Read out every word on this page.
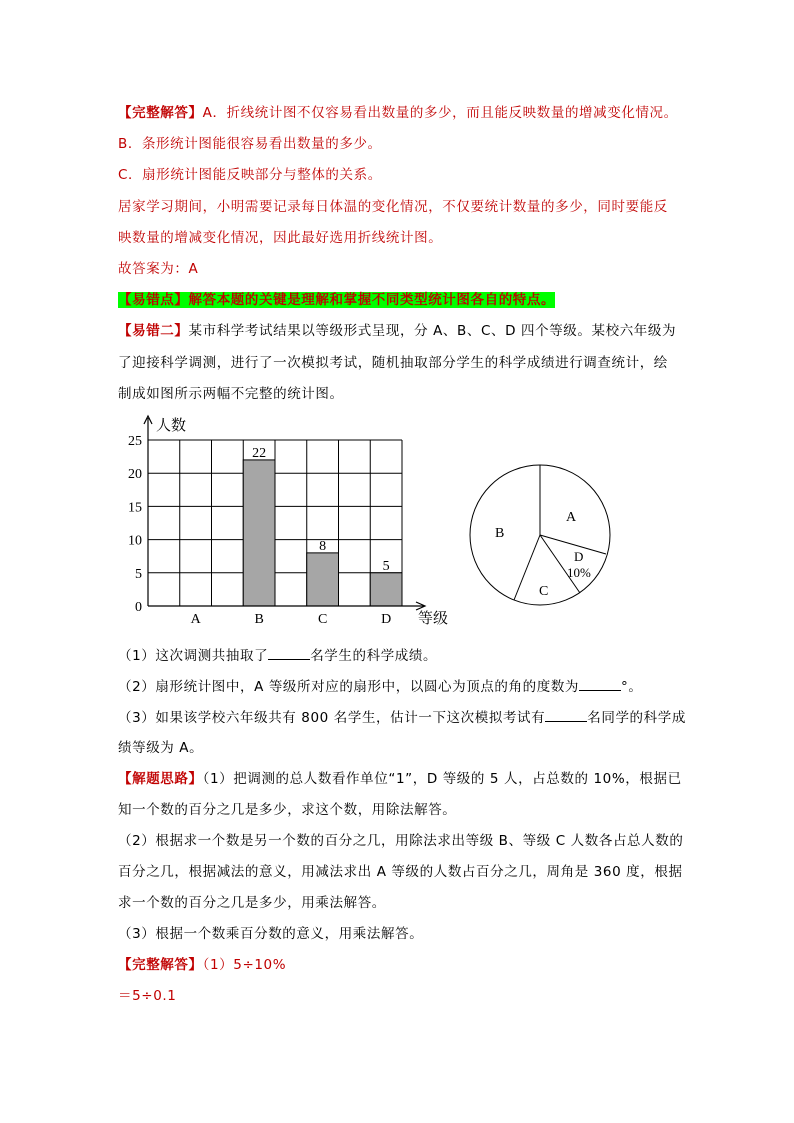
【完整解答】A．折线统计图不仅容易看出数量的多少，而且能反映数量的增减变化情况。
B．条形统计图能很容易看出数量的多少。
C．扇形统计图能反映部分与整体的关系。
居家学习期间，小明需要记录每日体温的变化情况，不仅要统计数量的多少，同时要能反
映数量的增减变化情况，因此最好选用折线统计图。
故答案为：A
【易错点】解答本题的关键是理解和掌握不同类型统计图各自的特点。
【易错二】某市科学考试结果以等级形式呈现，分 A、B、C、D 四个等级。某校六年级为
了迎接科学调测，进行了一次模拟考试，随机抽取部分学生的科学成绩进行调查统计，绘
制成如图所示两幅不完整的统计图。
A
22
B
8
C
5
D
0
5
10
15
20
25
人数
等级
A
D
10%
C
B
（1）这次调测共抽取了	名学生的科学成绩。
（2）扇形统计图中，A 等级所对应的扇形中，以圆心为顶点的角的度数为	°。
（3）如果该学校六年级共有 800 名学生，估计一下这次模拟考试有	名同学的科学成
绩等级为 A。
【解题思路】（1）把调测的总人数看作单位“1”，D 等级的 5 人，占总数的 10%，根据已
知一个数的百分之几是多少，求这个数，用除法解答。
（2）根据求一个数是另一个数的百分之几，用除法求出等级 B、等级 C 人数各占总人数的
百分之几，根据减法的意义，用减法求出 A 等级的人数占百分之几，周角是 360 度，根据
求一个数的百分之几是多少，用乘法解答。
（3）根据一个数乘百分数的意义，用乘法解答。
【完整解答】（1）5÷10%
＝5÷0.1
